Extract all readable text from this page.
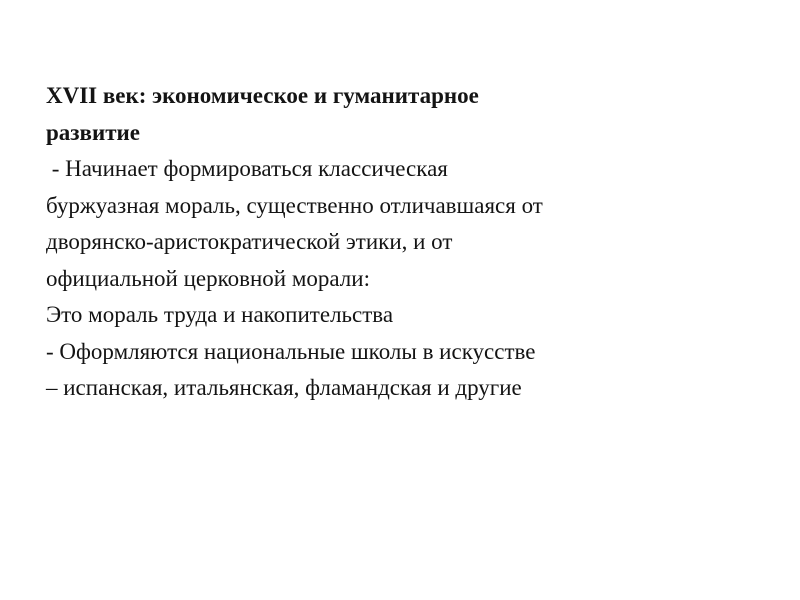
XVII век: экономическое и гуманитарное
развитие
- Начинает формироваться классическая
буржуазная мораль, существенно отличавшаяся от
дворянско-аристократической этики, и от
официальной церковной морали:
Это мораль труда и накопительства
- Оформляются национальные школы в искусстве
– испанская, итальянская, фламандская и другие
